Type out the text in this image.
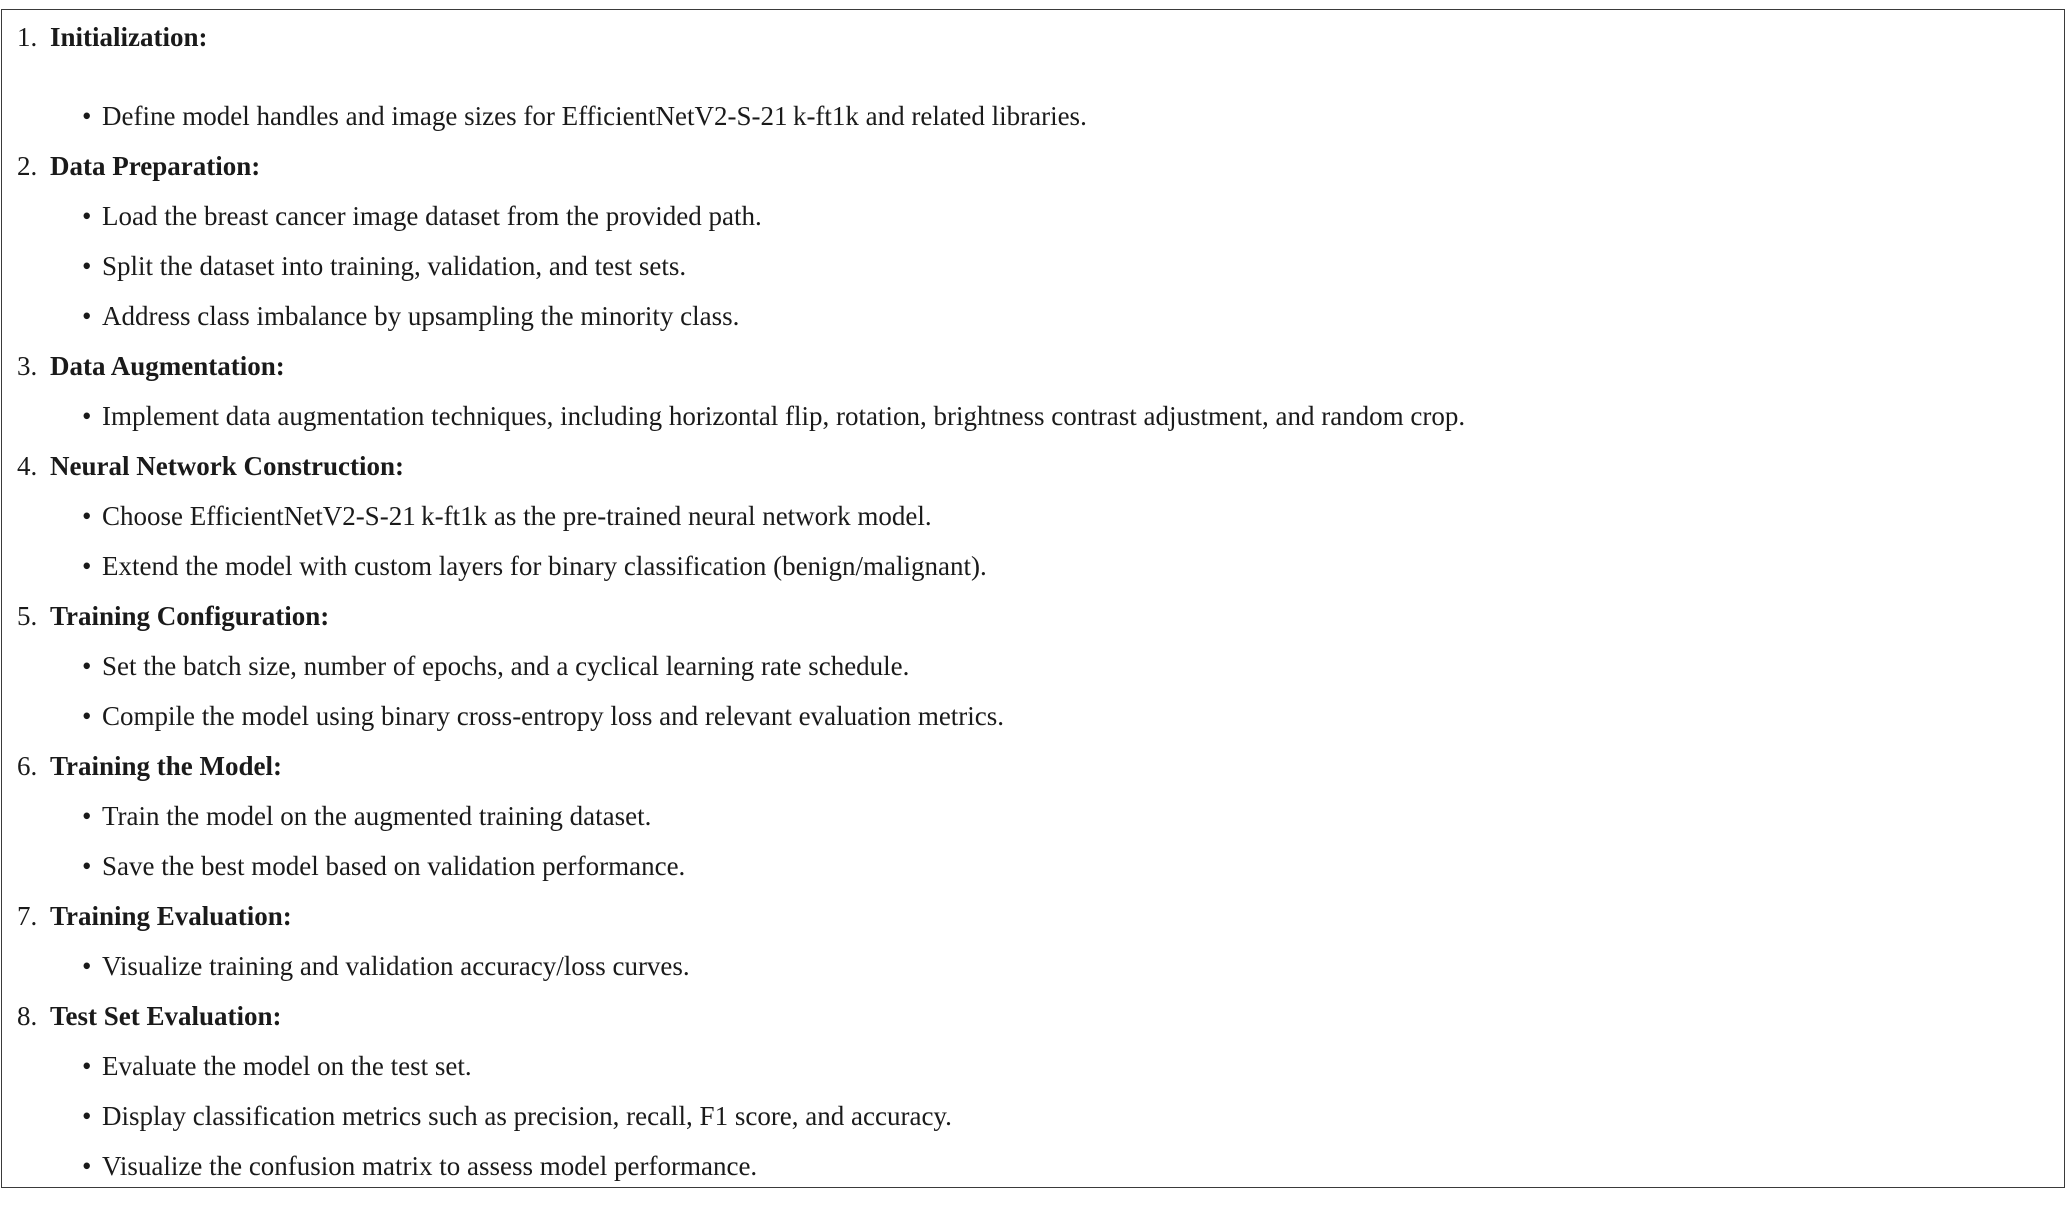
1. Initialization:
• Define model handles and image sizes for EfficientNetV2-S-21 k-ft1k and related libraries.
2. Data Preparation:
• Load the breast cancer image dataset from the provided path.
• Split the dataset into training, validation, and test sets.
• Address class imbalance by upsampling the minority class.
3. Data Augmentation:
• Implement data augmentation techniques, including horizontal flip, rotation, brightness contrast adjustment, and random crop.
4. Neural Network Construction:
• Choose EfficientNetV2-S-21 k-ft1k as the pre-trained neural network model.
• Extend the model with custom layers for binary classification (benign/malignant).
5. Training Configuration:
• Set the batch size, number of epochs, and a cyclical learning rate schedule.
• Compile the model using binary cross-entropy loss and relevant evaluation metrics.
6. Training the Model:
• Train the model on the augmented training dataset.
• Save the best model based on validation performance.
7. Training Evaluation:
• Visualize training and validation accuracy/loss curves.
8. Test Set Evaluation:
• Evaluate the model on the test set.
• Display classification metrics such as precision, recall, F1 score, and accuracy.
• Visualize the confusion matrix to assess model performance.
